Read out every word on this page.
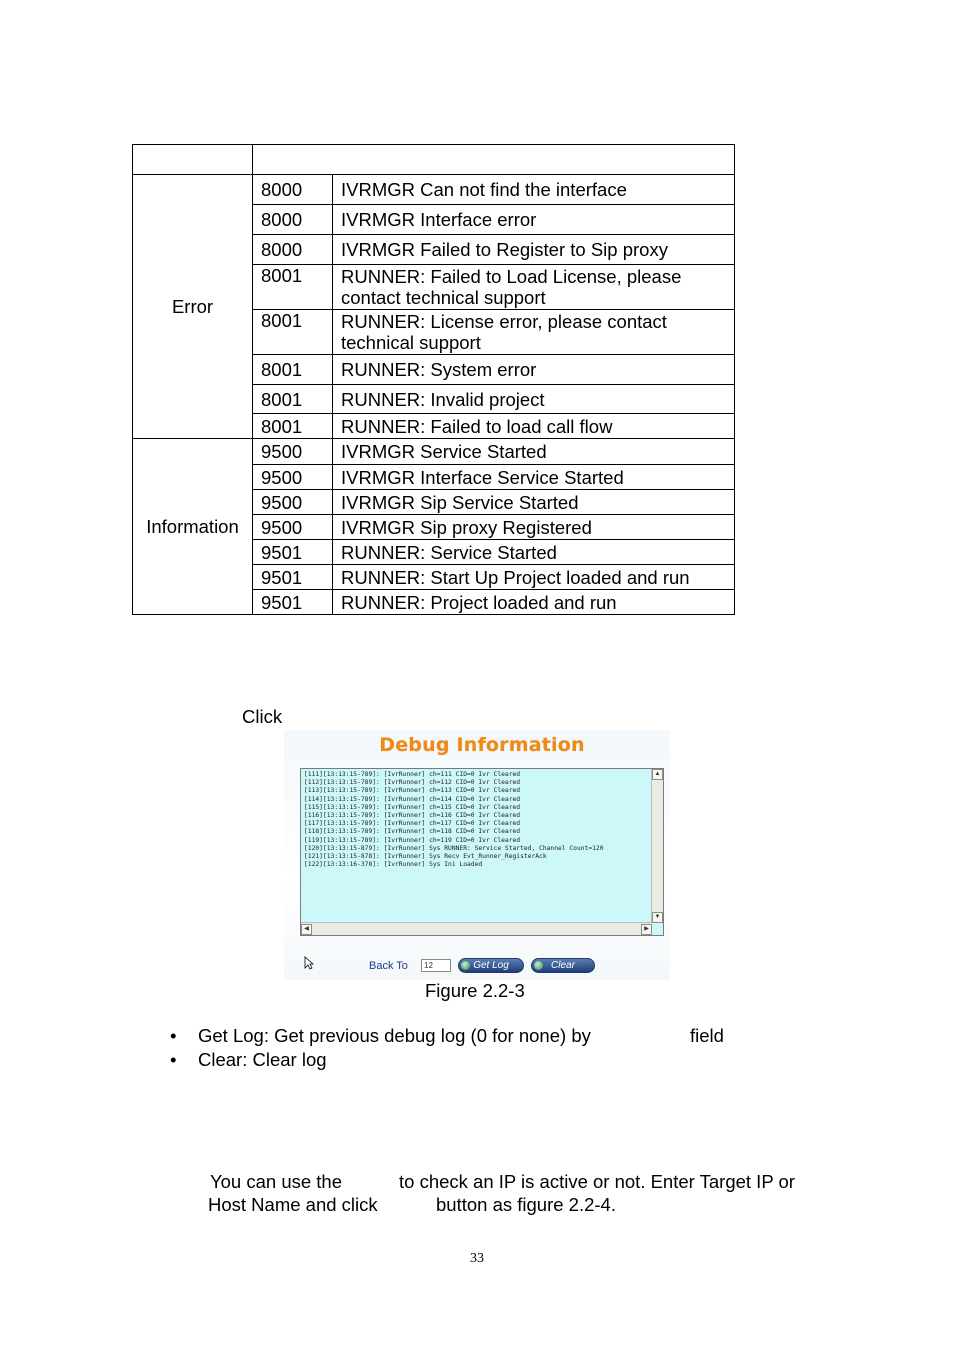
Error	8000	IVRMGR Can not find the interface
	8000	IVRMGR Interface error
	8000	IVRMGR Failed to Register to Sip proxy
	8001	RUNNER: Failed to Load License, please contact technical support
	8001	RUNNER: License error, please contact technical support
	8001	RUNNER: System error
	8001	RUNNER: Invalid project
	8001	RUNNER: Failed to load call flow
Information	9500	IVRMGR Service Started
	9500	IVRMGR Interface Service Started
	9500	IVRMGR Sip Service Started
	9500	IVRMGR Sip proxy Registered
	9501	RUNNER: Service Started
	9501	RUNNER: Start Up Project loaded and run
	9501	RUNNER: Project loaded and run
Click
Debug Information
[111][13:13:15-789]: [IvrRunner] ch=111 CID=0 Ivr Cleared
[112][13:13:15-789]: [IvrRunner] ch=112 CID=0 Ivr Cleared
[113][13:13:15-789]: [IvrRunner] ch=113 CID=0 Ivr Cleared
[114][13:13:15-789]: [IvrRunner] ch=114 CID=0 Ivr Cleared
[115][13:13:15-789]: [IvrRunner] ch=115 CID=0 Ivr Cleared
[116][13:13:15-789]: [IvrRunner] ch=116 CID=0 Ivr Cleared
[117][13:13:15-789]: [IvrRunner] ch=117 CID=0 Ivr Cleared
[118][13:13:15-789]: [IvrRunner] ch=118 CID=0 Ivr Cleared
[119][13:13:15-789]: [IvrRunner] ch=119 CID=0 Ivr Cleared
[120][13:13:15-879]: [IvrRunner] Sys RUNNER: Service Started, Channel Count=120
[121][13:13:15-878]: [IvrRunner] Sys Recv Evt_Runner_RegisterAck
[122][13:13:16-378]: [IvrRunner] Sys Ini Loaded
▲
▼
◀	▶
Back To	12	Get Log	Clear
Figure 2.2-3
• Get Log: Get previous debug log (0 for none) by
• Clear: Clear log
field
You can use the	to check an IP is active or not. Enter Target IP or
Host Name and click	button as figure 2.2-4.
33
